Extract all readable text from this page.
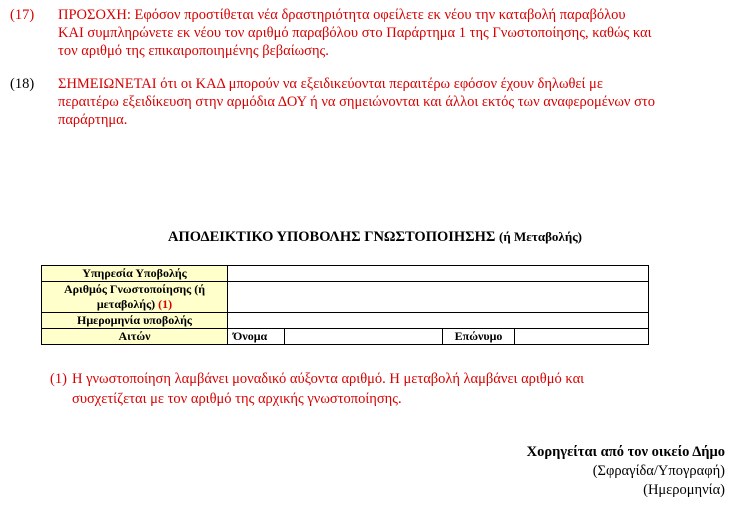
(17) ΠΡΟΣΟΧΗ: Εφόσον προστίθεται νέα δραστηριότητα οφείλετε εκ νέου την καταβολή παραβόλου
ΚΑΙ συμπληρώνετε εκ νέου τον αριθμό παραβόλου στο Παράρτημα 1 της Γνωστοποίησης, καθώς και
τον αριθμό της επικαιροποιημένης βεβαίωσης.
(18) ΣΗΜΕΙΩΝΕΤΑΙ ότι οι ΚΑΔ μπορούν να εξειδικεύονται περαιτέρω εφόσον έχουν δηλωθεί με
περαιτέρω εξειδίκευση στην αρμόδια ΔΟΥ ή να σημειώνονται και άλλοι εκτός των αναφερομένων στο
παράρτημα.
ΑΠΟΔΕΙΚΤΙΚΟ ΥΠΟΒΟΛΗΣ ΓΝΩΣΤΟΠΟΙΗΣΗΣ (ή Μεταβολής)
Υπηρεσία Υποβολής				
Αριθμός Γνωστοποίησης (ή
μεταβολής) (1)				
Ημερομηνία υποβολής				
Αιτών	Όνομα		Επώνυμο	
(1) Η γνωστοποίηση λαμβάνει μοναδικό αύξοντα αριθμό. Η μεταβολή λαμβάνει αριθμό και
συσχετίζεται με τον αριθμό της αρχικής γνωστοποίησης.
Χορηγείται από τον οικείο Δήμο
(Σφραγίδα/Υπογραφή)
(Ημερομηνία)
